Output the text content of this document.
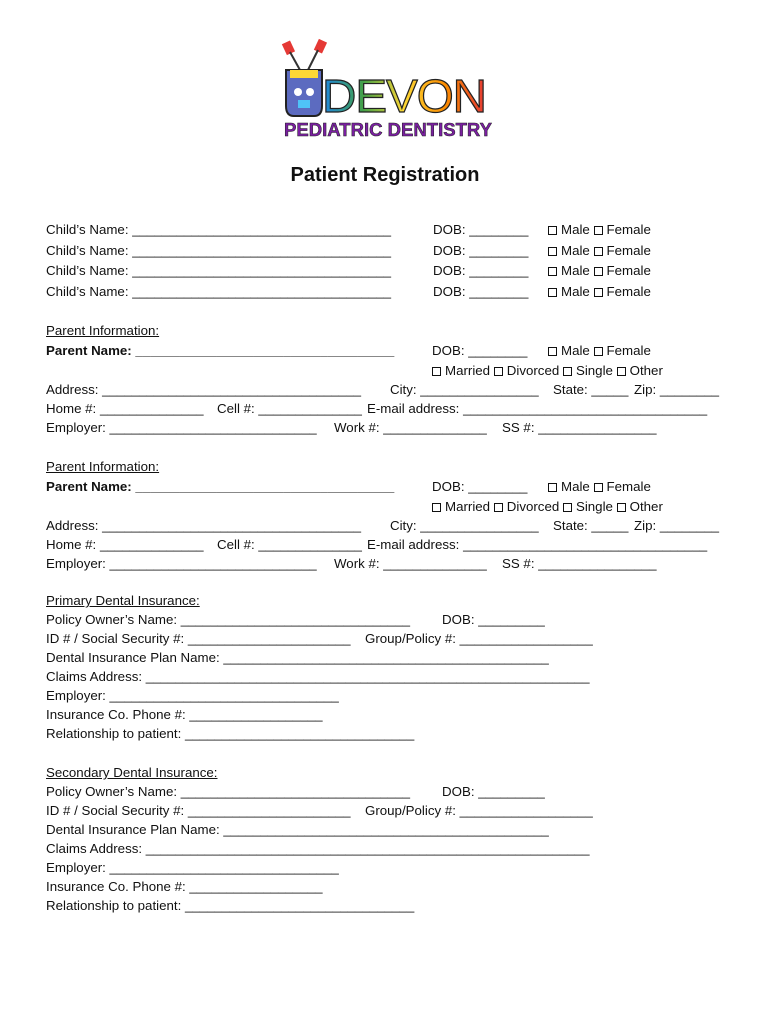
DEVON
PEDIATRIC DENTISTRY
Patient Registration
Child’s Name: ___________________________________	DOB: ________	Male Female
Child’s Name: ___________________________________	DOB: ________	Male Female
Child’s Name: ___________________________________	DOB: ________	Male Female
Child’s Name: ___________________________________	DOB: ________	Male Female
Parent Information:
Parent Name: ___________________________________	DOB: ________	Male Female
Married Divorced Single Other
Address: ___________________________________ City: ________________ State: _____ Zip: ________
Home #: ______________ Cell #: ______________ E-mail address: _________________________________
Employer: ____________________________ Work #: ______________ SS #: ________________
Parent Information:
Parent Name: ___________________________________	DOB: ________	Male Female
Married Divorced Single Other
Address: ___________________________________ City: ________________ State: _____ Zip: ________
Home #: ______________ Cell #: ______________ E-mail address: _________________________________
Employer: ____________________________ Work #: ______________ SS #: ________________
Primary Dental Insurance:
Policy Owner’s Name: _______________________________ DOB: _________
ID # / Social Security #: ______________________ Group/Policy #: __________________
Dental Insurance Plan Name: ____________________________________________
Claims Address: ____________________________________________________________
Employer: _______________________________
Insurance Co. Phone #: __________________
Relationship to patient: _______________________________
Secondary Dental Insurance:
Policy Owner’s Name: _______________________________ DOB: _________
ID # / Social Security #: ______________________ Group/Policy #: __________________
Dental Insurance Plan Name: ____________________________________________
Claims Address: ____________________________________________________________
Employer: _______________________________
Insurance Co. Phone #: __________________
Relationship to patient: _______________________________
